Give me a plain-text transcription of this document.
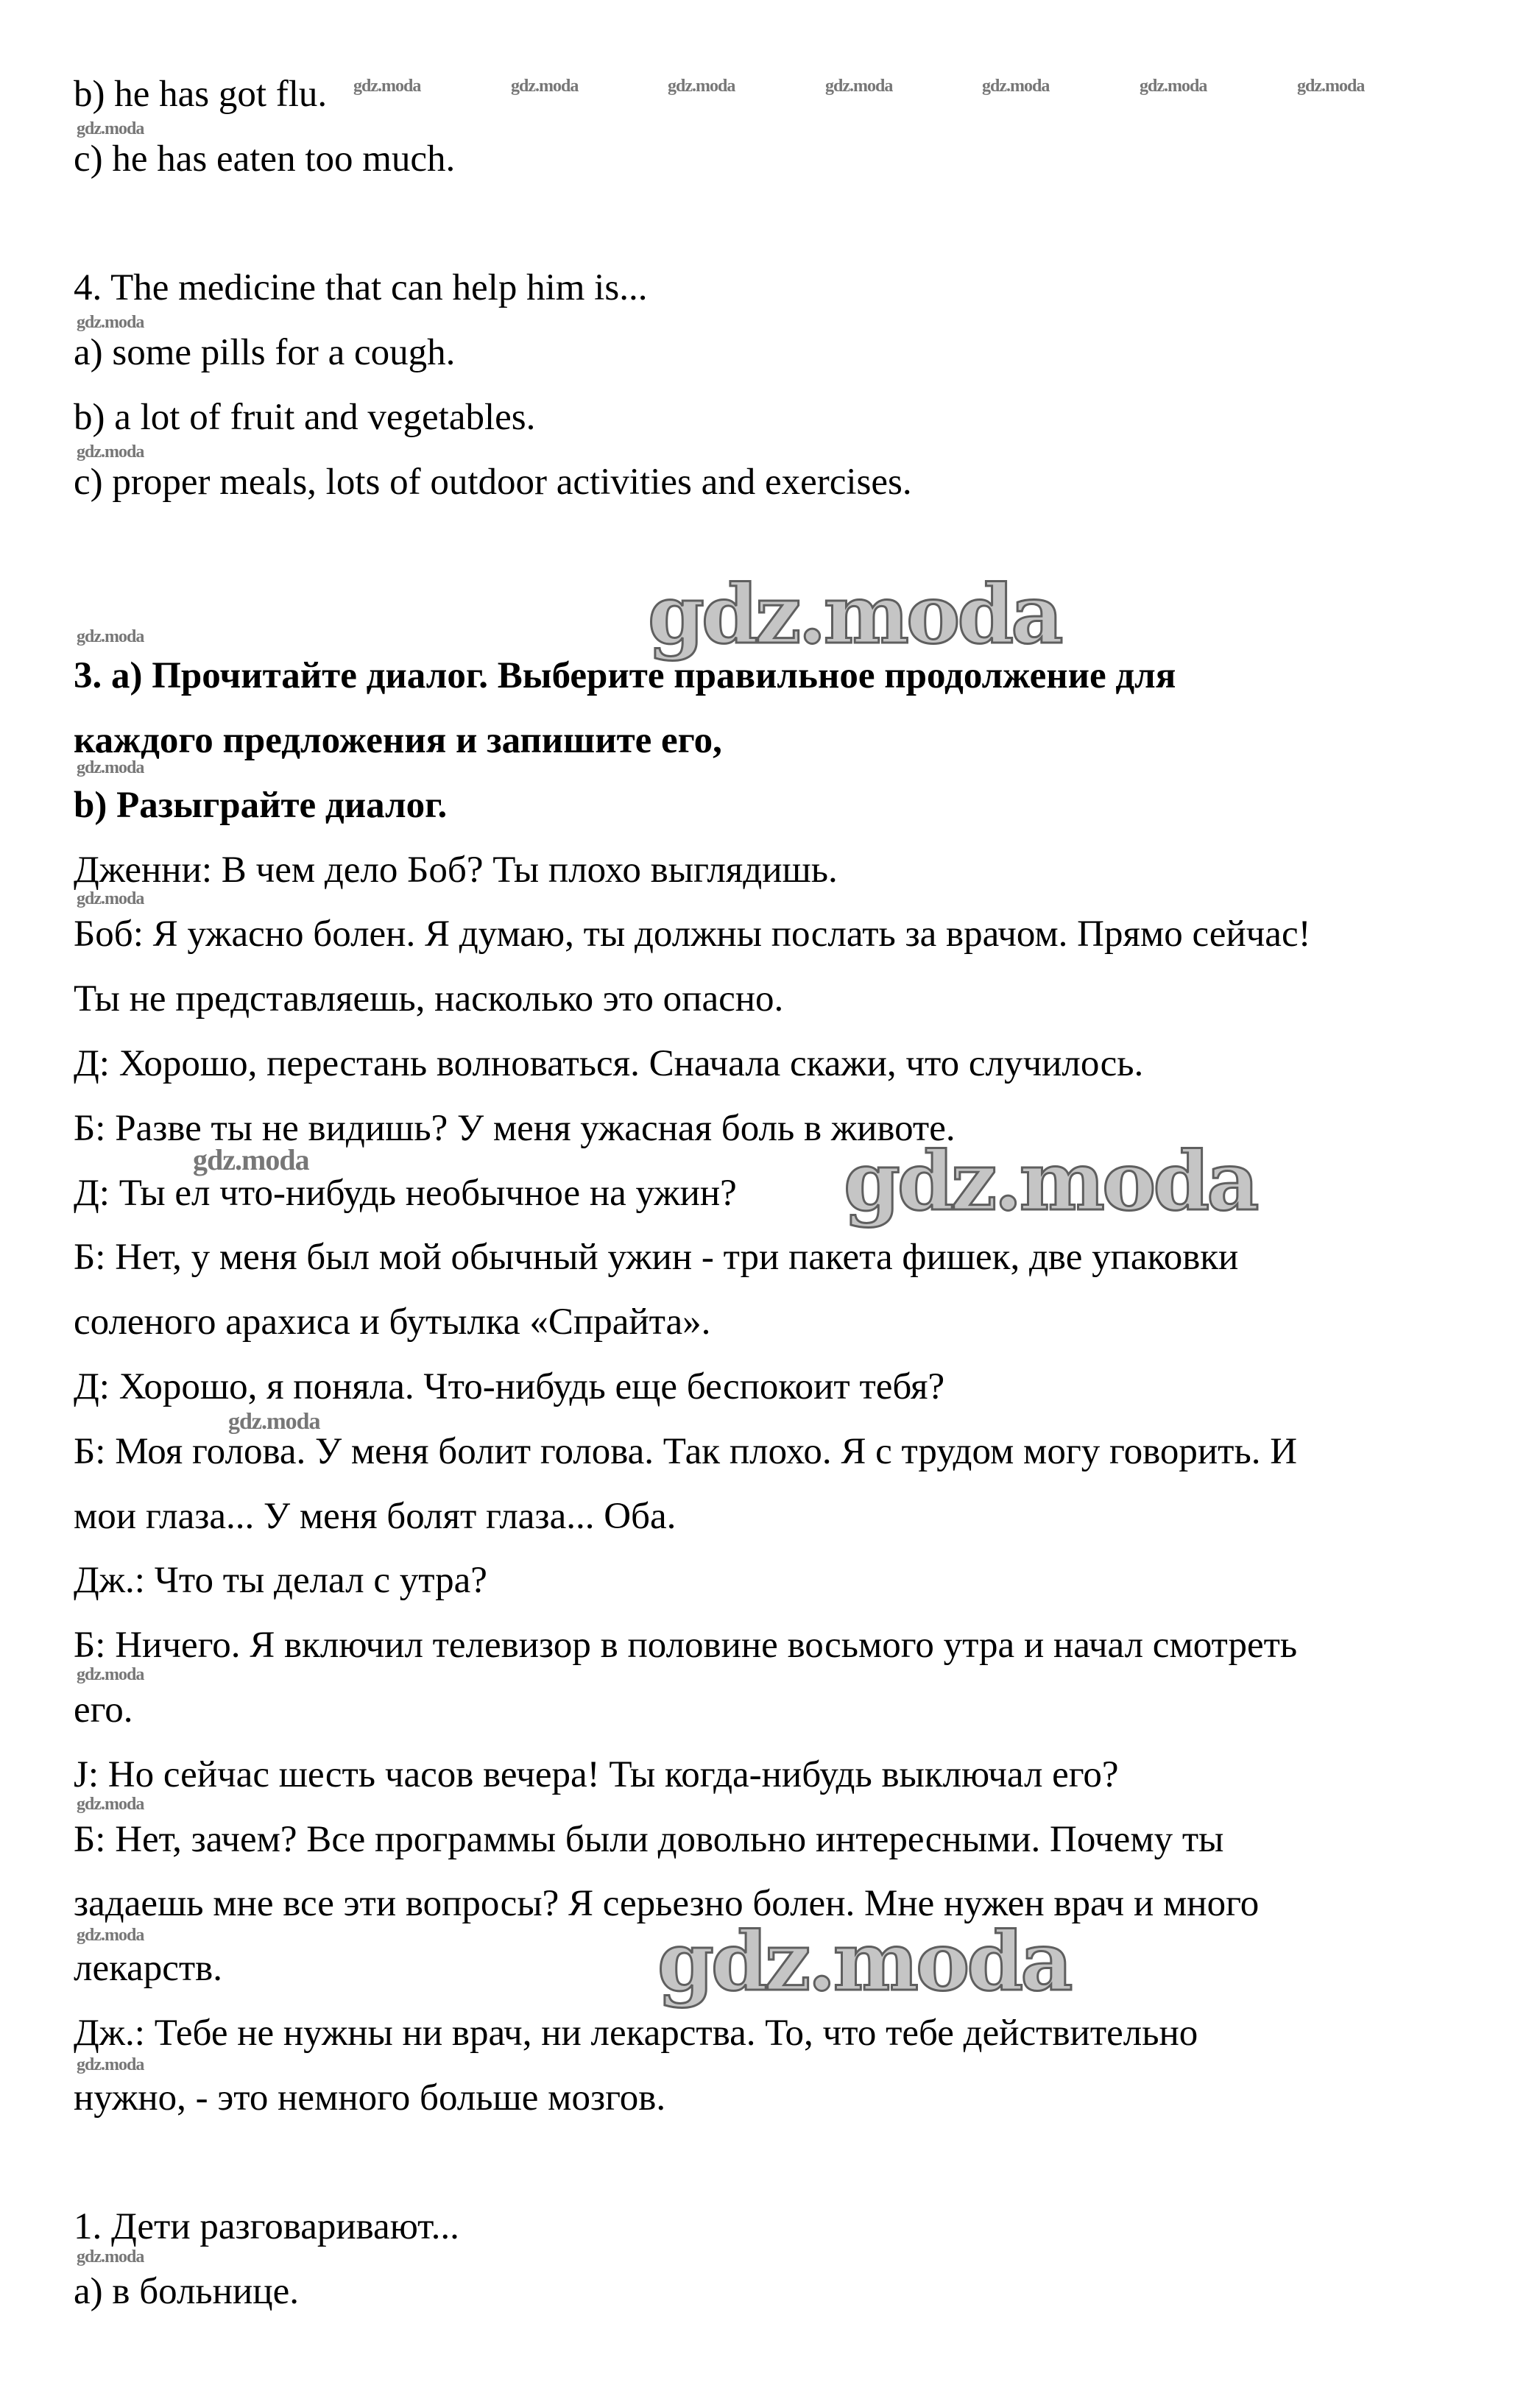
b) he has got flu.
c) he has eaten too much.
4. The medicine that can help him is...
a) some pills for a cough.
b) a lot of fruit and vegetables.
c) proper meals, lots of outdoor activities and exercises.
3. a) Прочитайте диалог. Выберите правильное продолжение для
каждого предложения и запишите его,
b) Разыграйте диалог.
Дженни: В чем дело Боб? Ты плохо выглядишь.
Боб: Я ужасно болен. Я думаю, ты должны послать за врачом. Прямо сейчас!
Ты не представляешь, насколько это опасно.
Д: Хорошо, перестань волноваться. Сначала скажи, что случилось.
Б: Разве ты не видишь? У меня ужасная боль в животе.
Д: Ты ел что-нибудь необычное на ужин?
Б: Нет, у меня был мой обычный ужин - три пакета фишек, две упаковки
соленого арахиса и бутылка «Спрайта».
Д: Хорошо, я поняла. Что-нибудь еще беспокоит тебя?
Б: Моя голова. У меня болит голова. Так плохо. Я с трудом могу говорить. И
мои глаза... У меня болят глаза... Оба.
Дж.: Что ты делал с утра?
Б: Ничего. Я включил телевизор в половине восьмого утра и начал смотреть
его.
J: Но сейчас шесть часов вечера! Ты когда-нибудь выключал его?
Б: Нет, зачем? Все программы были довольно интересными. Почему ты
задаешь мне все эти вопросы? Я серьезно болен. Мне нужен врач и много
лекарств.
Дж.: Тебе не нужны ни врач, ни лекарства. То, что тебе действительно
нужно, - это немного больше мозгов.
1. Дети разговаривают...
а) в больнице.
gdz.moda	gdz.moda	gdz.moda	gdz.moda	gdz.moda	gdz.moda	gdz.moda
gdz.moda
gdz.moda
gdz.moda
gdz.moda
gdz.moda
gdz.moda
gdz.moda
gdz.moda
gdz.moda
gdz.moda
gdz.moda
gdz.moda
gdz.moda
gdz.moda
gdz.moda
gdz.moda
